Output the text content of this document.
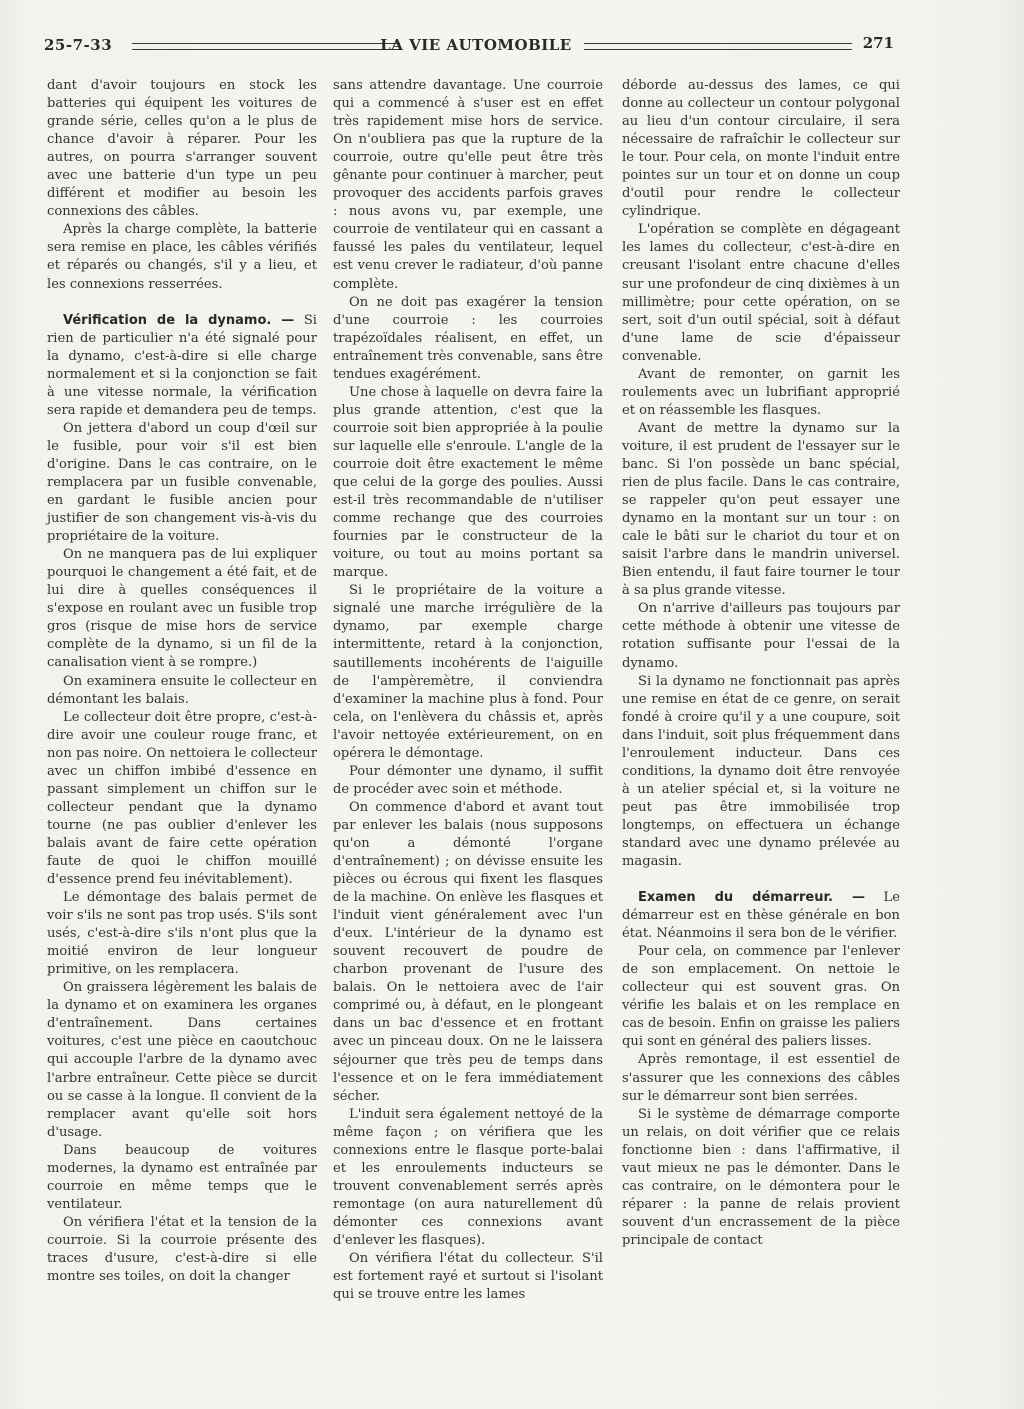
25-7-33	LA VIE AUTOMOBILE	271

dant d'avoir toujours en stock les batteries qui équipent les voitures de grande série, celles qu'on a le plus de chance d'avoir à réparer. Pour les autres, on pourra s'arranger souvent avec une batterie d'un type un peu différent et modifier au besoin les connexions des câbles.

Après la charge complète, la batterie sera remise en place, les câbles vérifiés et réparés ou changés, s'il y a lieu, et les connexions resserrées.

Vérification de la dynamo. — Si rien de particulier n'a été signalé pour la dynamo, c'est-à-dire si elle charge normalement et si la conjonction se fait à une vitesse normale, la vérification sera rapide et demandera peu de temps.

On jettera d'abord un coup d'œil sur le fusible, pour voir s'il est bien d'origine. Dans le cas contraire, on le remplacera par un fusible convenable, en gardant le fusible ancien pour justifier de son changement vis-à-vis du propriétaire de la voiture.

On ne manquera pas de lui expliquer pourquoi le changement a été fait, et de lui dire à quelles conséquences il s'expose en roulant avec un fusible trop gros (risque de mise hors de service complète de la dynamo, si un fil de la canalisation vient à se rompre.)

On examinera ensuite le collecteur en démontant les balais.

Le collecteur doit être propre, c'est-à-dire avoir une couleur rouge franc, et non pas noire. On nettoiera le collecteur avec un chiffon imbibé d'essence en passant simplement un chiffon sur le collecteur pendant que la dynamo tourne (ne pas oublier d'enlever les balais avant de faire cette opération faute de quoi le chiffon mouillé d'essence prend feu inévitablement).

Le démontage des balais permet de voir s'ils ne sont pas trop usés. S'ils sont usés, c'est-à-dire s'ils n'ont plus que la moitié environ de leur longueur primitive, on les remplacera.

On graissera légèrement les balais de la dynamo et on examinera les organes d'entraînement. Dans certaines voitures, c'est une pièce en caoutchouc qui accouple l'arbre de la dynamo avec l'arbre entraîneur. Cette pièce se durcit ou se casse à la longue. Il convient de la remplacer avant qu'elle soit hors d'usage.

Dans beaucoup de voitures modernes, la dynamo est entraînée par courroie en même temps que le ventilateur.

On vérifiera l'état et la tension de la courroie. Si la courroie présente des traces d'usure, c'est-à-dire si elle montre ses toiles, on doit la changer

sans attendre davantage. Une courroie qui a commencé à s'user est en effet très rapidement mise hors de service. On n'oubliera pas que la rupture de la courroie, outre qu'elle peut être très gênante pour continuer à marcher, peut provoquer des accidents parfois graves : nous avons vu, par exemple, une courroie de ventilateur qui en cassant a faussé les pales du ventilateur, lequel est venu crever le radiateur, d'où panne complète.

On ne doit pas exagérer la tension d'une courroie : les courroies trapézoïdales réalisent, en effet, un entraînement très convenable, sans être tendues exagérément.

Une chose à laquelle on devra faire la plus grande attention, c'est que la courroie soit bien appropriée à la poulie sur laquelle elle s'enroule. L'angle de la courroie doit être exactement le même que celui de la gorge des poulies. Aussi est-il très recommandable de n'utiliser comme rechange que des courroies fournies par le constructeur de la voiture, ou tout au moins portant sa marque.

Si le propriétaire de la voiture a signalé une marche irrégulière de la dynamo, par exemple charge intermittente, retard à la conjonction, sautillements incohérents de l'aiguille de l'ampèremètre, il conviendra d'examiner la machine plus à fond. Pour cela, on l'enlèvera du châssis et, après l'avoir nettoyée extérieurement, on en opérera le démontage.

Pour démonter une dynamo, il suffit de procéder avec soin et méthode.

On commence d'abord et avant tout par enlever les balais (nous supposons qu'on a démonté l'organe d'entraînement) ; on dévisse ensuite les pièces ou écrous qui fixent les flasques de la machine. On enlève les flasques et l'induit vient généralement avec l'un d'eux. L'intérieur de la dynamo est souvent recouvert de poudre de charbon provenant de l'usure des balais. On le nettoiera avec de l'air comprimé ou, à défaut, en le plongeant dans un bac d'essence et en frottant avec un pinceau doux. On ne le laissera séjourner que très peu de temps dans l'essence et on le fera immédiatement sécher.

L'induit sera également nettoyé de la même façon ; on vérifiera que les connexions entre le flasque porte-balai et les enroulements inducteurs se trouvent convenablement serrés après remontage (on aura naturellement dû démonter ces connexions avant d'enlever les flasques).

On vérifiera l'état du collecteur. S'il est fortement rayé et surtout si l'isolant qui se trouve entre les lames

déborde au-dessus des lames, ce qui donne au collecteur un contour polygonal au lieu d'un contour circulaire, il sera nécessaire de rafraîchir le collecteur sur le tour. Pour cela, on monte l'induit entre pointes sur un tour et on donne un coup d'outil pour rendre le collecteur cylindrique.

L'opération se complète en dégageant les lames du collecteur, c'est-à-dire en creusant l'isolant entre chacune d'elles sur une profondeur de cinq dixièmes à un millimètre; pour cette opération, on se sert, soit d'un outil spécial, soit à défaut d'une lame de scie d'épaisseur convenable.

Avant de remonter, on garnit les roulements avec un lubrifiant approprié et on réassemble les flasques.

Avant de mettre la dynamo sur la voiture, il est prudent de l'essayer sur le banc. Si l'on possède un banc spécial, rien de plus facile. Dans le cas contraire, se rappeler qu'on peut essayer une dynamo en la montant sur un tour : on cale le bâti sur le chariot du tour et on saisit l'arbre dans le mandrin universel. Bien entendu, il faut faire tourner le tour à sa plus grande vitesse.

On n'arrive d'ailleurs pas toujours par cette méthode à obtenir une vitesse de rotation suffisante pour l'essai de la dynamo.

Si la dynamo ne fonctionnait pas après une remise en état de ce genre, on serait fondé à croire qu'il y a une coupure, soit dans l'induit, soit plus fréquemment dans l'enroulement inducteur. Dans ces conditions, la dynamo doit être renvoyée à un atelier spécial et, si la voiture ne peut pas être immobilisée trop longtemps, on effectuera un échange standard avec une dynamo prélevée au magasin.

Examen du démarreur. — Le démarreur est en thèse générale en bon état. Néanmoins il sera bon de le vérifier.

Pour cela, on commence par l'enlever de son emplacement. On nettoie le collecteur qui est souvent gras. On vérifie les balais et on les remplace en cas de besoin. Enfin on graisse les paliers qui sont en général des paliers lisses.

Après remontage, il est essentiel de s'assurer que les connexions des câbles sur le démarreur sont bien serrées.

Si le système de démarrage comporte un relais, on doit vérifier que ce relais fonctionne bien : dans l'affirmative, il vaut mieux ne pas le démonter. Dans le cas contraire, on le démontera pour le réparer : la panne de relais provient souvent d'un encrassement de la pièce principale de contact
